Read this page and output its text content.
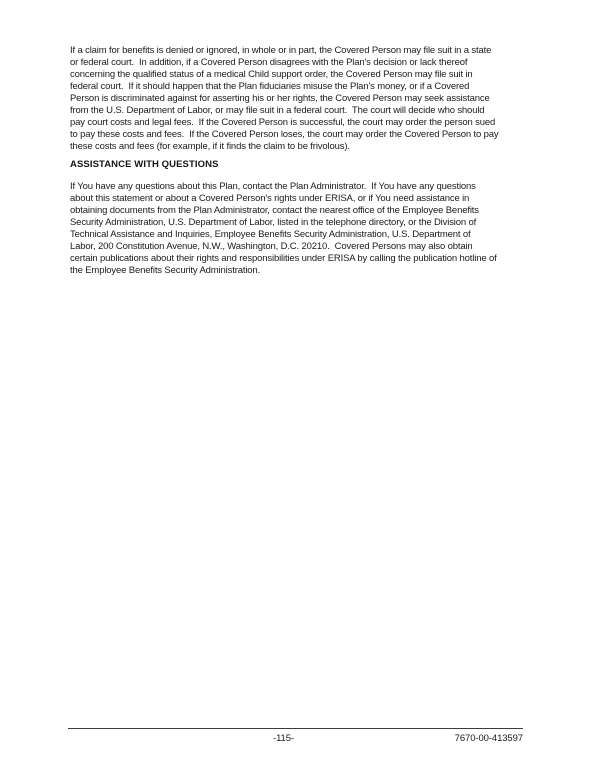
If a claim for benefits is denied or ignored, in whole or in part, the Covered Person may file suit in a state
or federal court.  In addition, if a Covered Person disagrees with the Plan's decision or lack thereof
concerning the qualified status of a medical Child support order, the Covered Person may file suit in
federal court.  If it should happen that the Plan fiduciaries misuse the Plan's money, or if a Covered
Person is discriminated against for asserting his or her rights, the Covered Person may seek assistance
from the U.S. Department of Labor, or may file suit in a federal court.  The court will decide who should
pay court costs and legal fees.  If the Covered Person is successful, the court may order the person sued
to pay these costs and fees.  If the Covered Person loses, the court may order the Covered Person to pay
these costs and fees (for example, if it finds the claim to be frivolous).
ASSISTANCE WITH QUESTIONS
If You have any questions about this Plan, contact the Plan Administrator.  If You have any questions
about this statement or about a Covered Person's rights under ERISA, or if You need assistance in
obtaining documents from the Plan Administrator, contact the nearest office of the Employee Benefits
Security Administration, U.S. Department of Labor, listed in the telephone directory, or the Division of
Technical Assistance and Inquiries, Employee Benefits Security Administration, U.S. Department of
Labor, 200 Constitution Avenue, N.W., Washington, D.C. 20210.  Covered Persons may also obtain
certain publications about their rights and responsibilities under ERISA by calling the publication hotline of
the Employee Benefits Security Administration.
-115-	7670-00-413597
